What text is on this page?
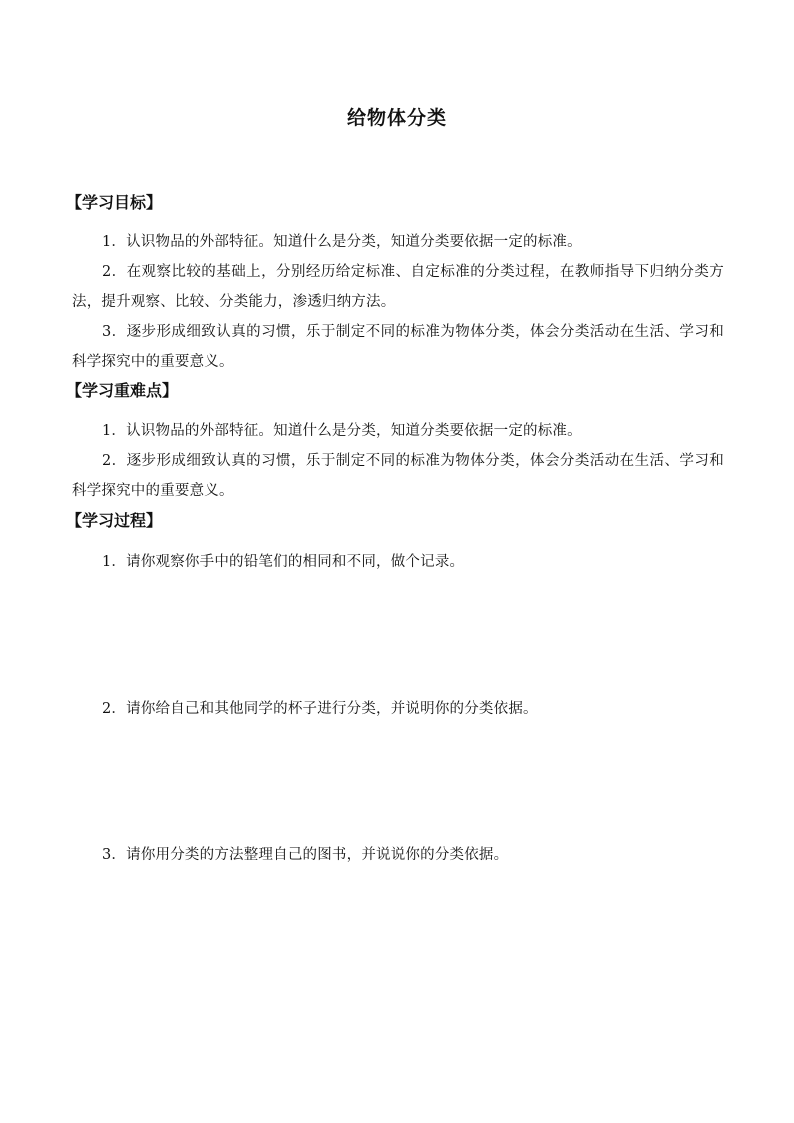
给物体分类
【学习目标】
1．认识物品的外部特征。知道什么是分类，知道分类要依据一定的标准。
2．在观察比较的基础上，分别经历给定标准、自定标准的分类过程，在教师指导下归纳分类方法，提升观察、比较、分类能力，渗透归纳方法。
3．逐步形成细致认真的习惯，乐于制定不同的标准为物体分类，体会分类活动在生活、学习和科学探究中的重要意义。
【学习重难点】
1．认识物品的外部特征。知道什么是分类，知道分类要依据一定的标准。
2．逐步形成细致认真的习惯，乐于制定不同的标准为物体分类，体会分类活动在生活、学习和科学探究中的重要意义。
【学习过程】
1．请你观察你手中的铅笔们的相同和不同，做个记录。
2．请你给自己和其他同学的杯子进行分类，并说明你的分类依据。
3．请你用分类的方法整理自己的图书，并说说你的分类依据。
